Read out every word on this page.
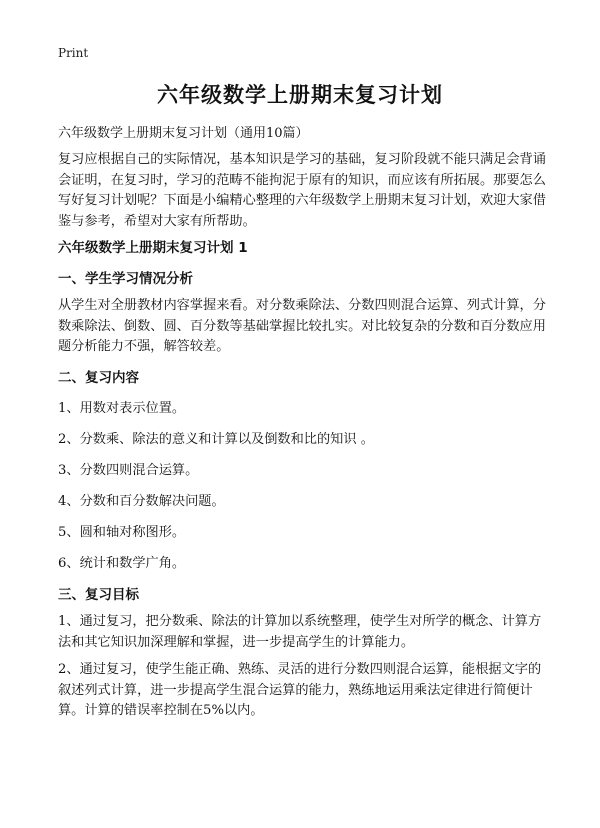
Print
六年级数学上册期末复习计划
六年级数学上册期末复习计划（通用10篇）

复习应根据自己的实际情况，基本知识是学习的基础，复习阶段就不能只满足会背诵会证明，在复习时，学习的范畴不能拘泥于原有的知识，而应该有所拓展。那要怎么写好复习计划呢？下面是小编精心整理的六年级数学上册期末复习计划，欢迎大家借鉴与参考，希望对大家有所帮助。

六年级数学上册期末复习计划 1
一、学生学习情况分析

从学生对全册教材内容掌握来看。对分数乘除法、分数四则混合运算、列式计算，分数乘除法、倒数、圆、百分数等基础掌握比较扎实。对比较复杂的分数和百分数应用题分析能力不强，解答较差。

二、复习内容
1、用数对表示位置。
2、分数乘、除法的意义和计算以及倒数和比的知识 。
3、分数四则混合运算。
4、分数和百分数解决问题。
5、圆和轴对称图形。
6、统计和数学广角。
三、复习目标

1、通过复习，把分数乘、除法的计算加以系统整理，使学生对所学的概念、计算方法和其它知识加深理解和掌握，进一步提高学生的计算能力。

2、通过复习，使学生能正确、熟练、灵活的进行分数四则混合运算，能根据文字的叙述列式计算，进一步提高学生混合运算的能力，熟练地运用乘法定律进行简便计算。计算的错误率控制在5%以内。
